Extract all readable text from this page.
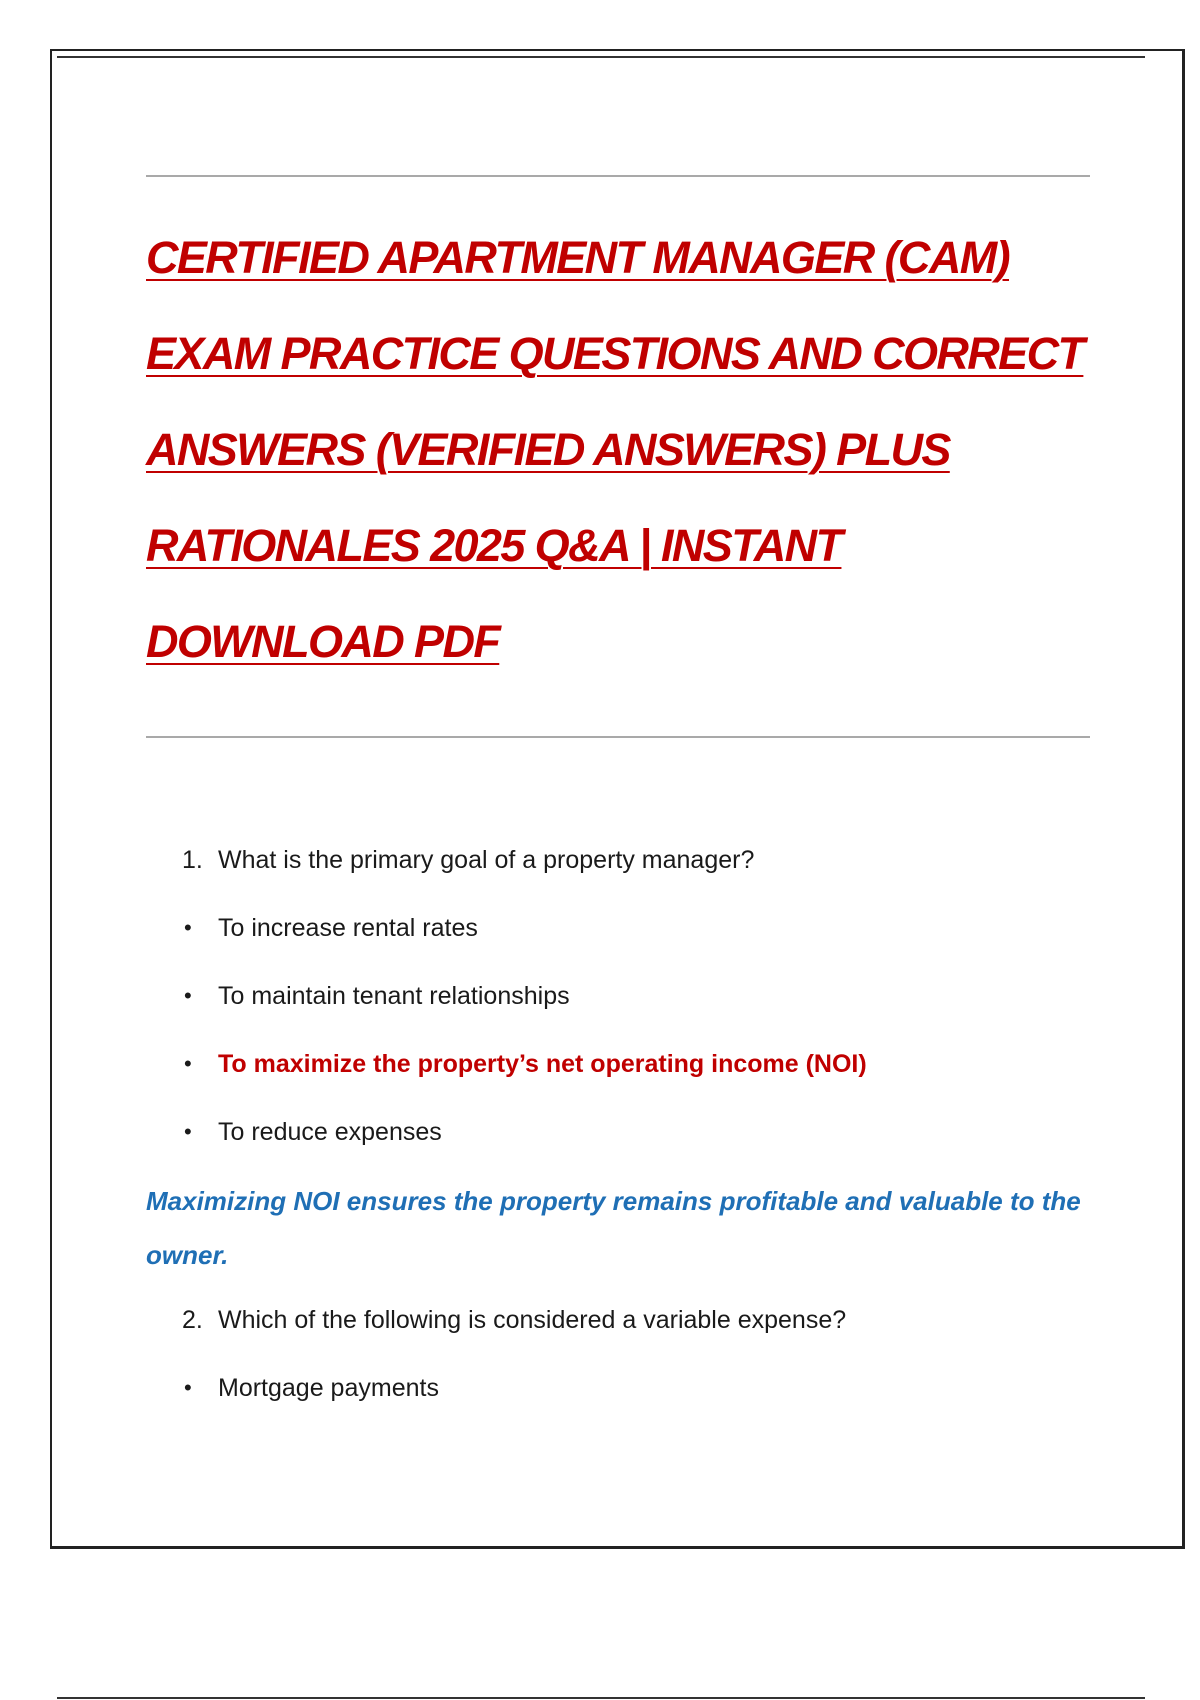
CERTIFIED APARTMENT MANAGER (CAM)
EXAM PRACTICE QUESTIONS AND CORRECT
ANSWERS (VERIFIED ANSWERS) PLUS
RATIONALES 2025 Q&A | INSTANT
DOWNLOAD PDF
1. What is the primary goal of a property manager?
• To increase rental rates
• To maintain tenant relationships
• To maximize the property’s net operating income (NOI)
• To reduce expenses

Maximizing NOI ensures the property remains profitable and valuable to the owner.

2. Which of the following is considered a variable expense?
• Mortgage payments
